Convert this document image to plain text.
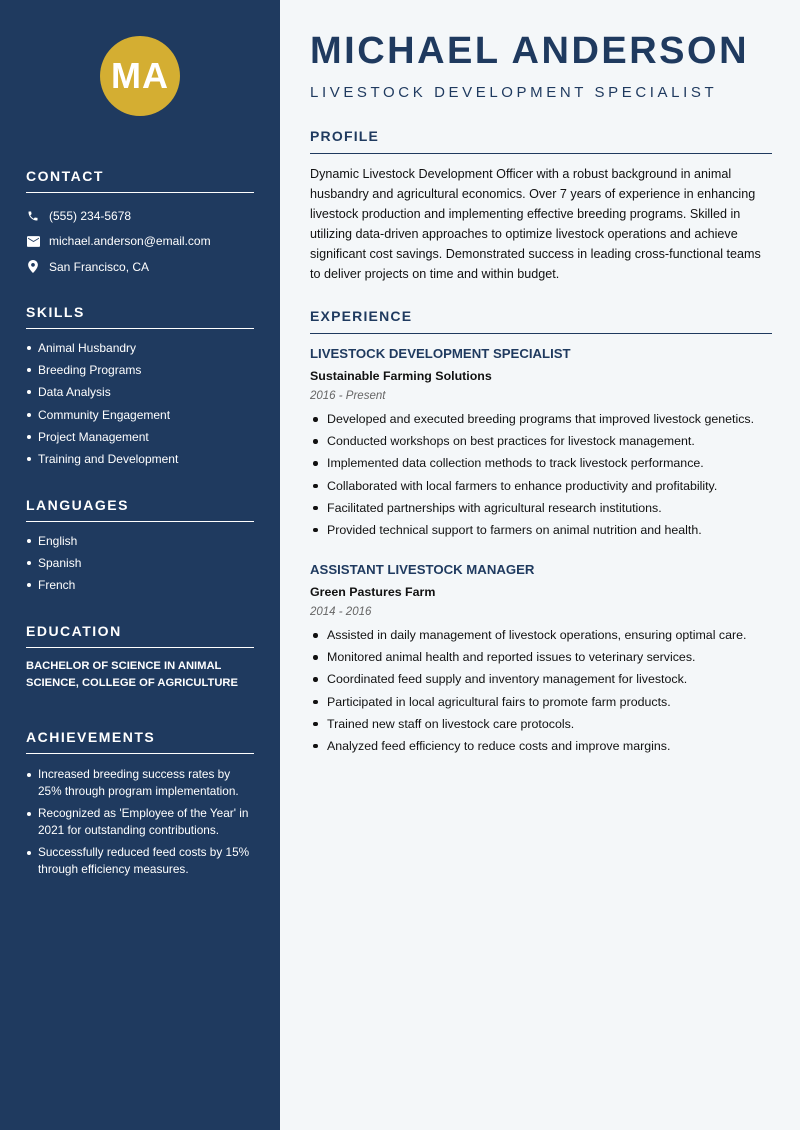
MA
CONTACT
(555) 234-5678
michael.anderson@email.com
San Francisco, CA
SKILLS
Animal Husbandry
Breeding Programs
Data Analysis
Community Engagement
Project Management
Training and Development
LANGUAGES
English
Spanish
French
EDUCATION
BACHELOR OF SCIENCE IN ANIMAL SCIENCE, COLLEGE OF AGRICULTURE
ACHIEVEMENTS
Increased breeding success rates by 25% through program implementation.
Recognized as 'Employee of the Year' in 2021 for outstanding contributions.
Successfully reduced feed costs by 15% through efficiency measures.
MICHAEL ANDERSON
LIVESTOCK DEVELOPMENT SPECIALIST
PROFILE
Dynamic Livestock Development Officer with a robust background in animal husbandry and agricultural economics. Over 7 years of experience in enhancing livestock production and implementing effective breeding programs. Skilled in utilizing data-driven approaches to optimize livestock operations and achieve significant cost savings. Demonstrated success in leading cross-functional teams to deliver projects on time and within budget.
EXPERIENCE
LIVESTOCK DEVELOPMENT SPECIALIST
Sustainable Farming Solutions
2016 - Present
Developed and executed breeding programs that improved livestock genetics.
Conducted workshops on best practices for livestock management.
Implemented data collection methods to track livestock performance.
Collaborated with local farmers to enhance productivity and profitability.
Facilitated partnerships with agricultural research institutions.
Provided technical support to farmers on animal nutrition and health.
ASSISTANT LIVESTOCK MANAGER
Green Pastures Farm
2014 - 2016
Assisted in daily management of livestock operations, ensuring optimal care.
Monitored animal health and reported issues to veterinary services.
Coordinated feed supply and inventory management for livestock.
Participated in local agricultural fairs to promote farm products.
Trained new staff on livestock care protocols.
Analyzed feed efficiency to reduce costs and improve margins.
